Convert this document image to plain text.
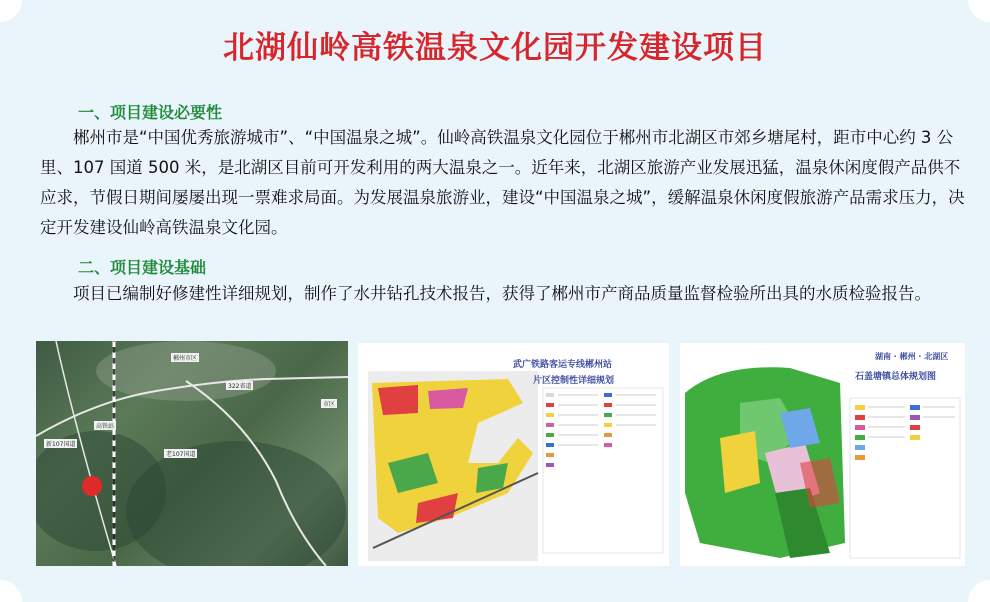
北湖仙岭高铁温泉文化园开发建设项目
一、项目建设必要性
郴州市是“中国优秀旅游城市”、“中国温泉之城”。仙岭高铁温泉文化园位于郴州市北湖区市郊乡塘尾村，距市中心约 3 公里、107 国道 500 米，是北湖区目前可开发利用的两大温泉之一。近年来，北湖区旅游产业发展迅猛，温泉休闲度假产品供不应求，节假日期间屡屡出现一票难求局面。为发展温泉旅游业，建设“中国温泉之城”，缓解温泉休闲度假旅游产品需求压力，决定开发建设仙岭高铁温泉文化园。
二、项目建设基础
项目已编制好修建性详细规划，制作了水井钻孔技术报告，获得了郴州市产商品质量监督检验所出具的水质检验报告。
郴州市区
322省道
市区
新107国道
高铁站
老107国道
武广铁路客运专线郴州站
片区控制性详细规划
湖南 · 郴州 · 北湖区
石盖塘镇总体规划图
